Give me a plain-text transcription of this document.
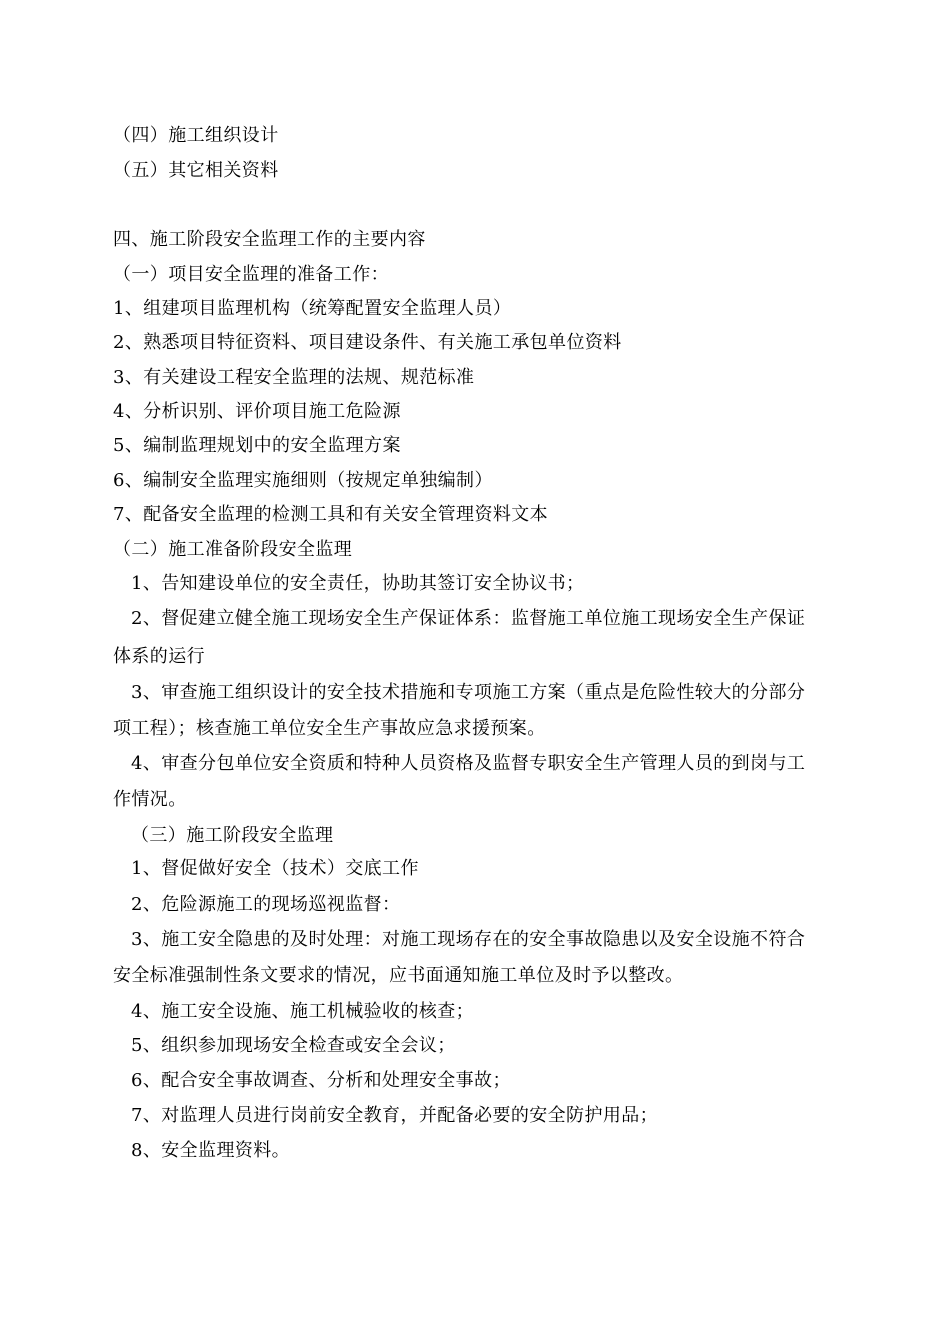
（四）施工组织设计
（五）其它相关资料
四、施工阶段安全监理工作的主要内容
（一）项目安全监理的准备工作：
1、组建项目监理机构（统筹配置安全监理人员）
2、熟悉项目特征资料、项目建设条件、有关施工承包单位资料
3、有关建设工程安全监理的法规、规范标准
4、分析识别、评价项目施工危险源
5、编制监理规划中的安全监理方案
6、编制安全监理实施细则（按规定单独编制）
7、配备安全监理的检测工具和有关安全管理资料文本
（二）施工准备阶段安全监理
1、告知建设单位的安全责任，协助其签订安全协议书；
2、督促建立健全施工现场安全生产保证体系：监督施工单位施工现场安全生产保证
体系的运行
3、审查施工组织设计的安全技术措施和专项施工方案（重点是危险性较大的分部分
项工程）；核查施工单位安全生产事故应急求援预案。
4、审查分包单位安全资质和特种人员资格及监督专职安全生产管理人员的到岗与工
作情况。
（三）施工阶段安全监理
1、督促做好安全（技术）交底工作
2、危险源施工的现场巡视监督：
3、施工安全隐患的及时处理：对施工现场存在的安全事故隐患以及安全设施不符合
安全标准强制性条文要求的情况，应书面通知施工单位及时予以整改。
4、施工安全设施、施工机械验收的核查；
5、组织参加现场安全检查或安全会议；
6、配合安全事故调查、分析和处理安全事故；
7、对监理人员进行岗前安全教育，并配备必要的安全防护用品；
8、安全监理资料。
